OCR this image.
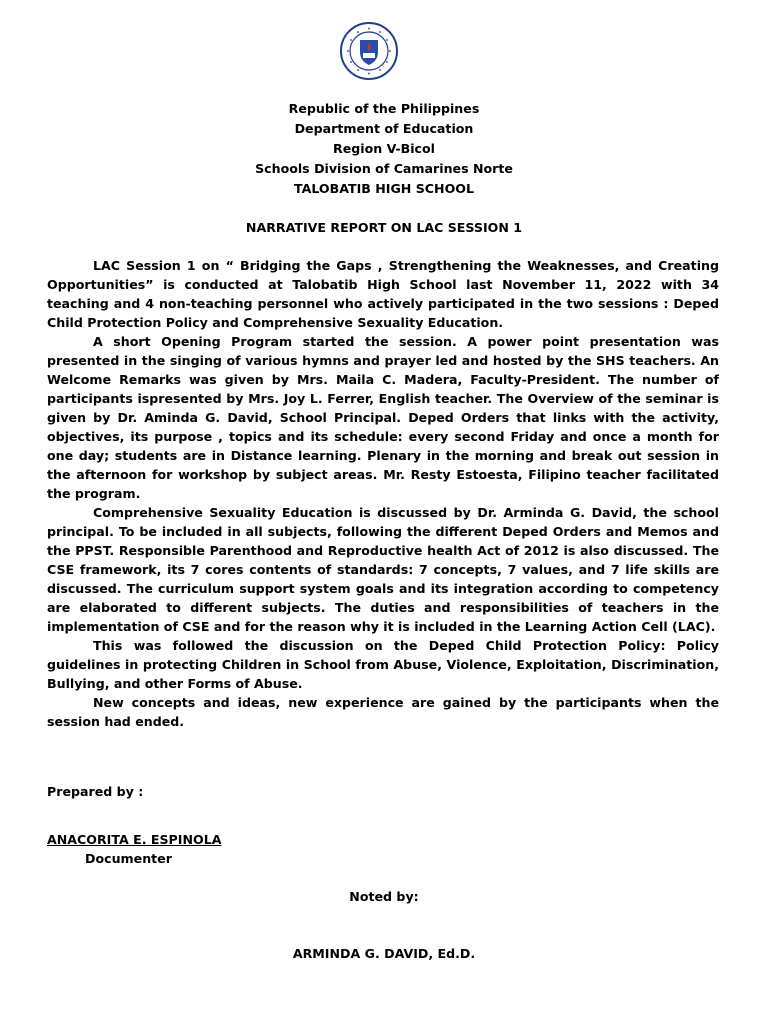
Republic of the Philippines
Department of Education
Region V-Bicol
Schools Division of Camarines Norte
TALOBATIB HIGH SCHOOL
NARRATIVE REPORT ON LAC SESSION 1

LAC Session 1 on “ Bridging the Gaps , Strengthening the Weaknesses, and Creating Opportunities” is conducted at Talobatib High School last November 11, 2022 with 34 teaching and 4 non-teaching personnel who actively participated in the two sessions : Deped Child Protection Policy and Comprehensive Sexuality Education.

A short Opening Program started the session. A power point presentation was presented in the singing of various hymns and prayer led and hosted by the SHS teachers. An Welcome Remarks was given by Mrs. Maila C. Madera, Faculty-President. The number of participants ispresented by Mrs. Joy L. Ferrer, English teacher. The Overview of the seminar is given by Dr. Aminda G. David, School Principal. Deped Orders that links with the activity, objectives, its purpose , topics and its schedule: every second Friday and once a month for one day; students are in Distance learning. Plenary in the morning and break out session in the afternoon for workshop by subject areas. Mr. Resty Estoesta, Filipino teacher facilitated the program.

Comprehensive Sexuality Education is discussed by Dr. Arminda G. David, the school principal. To be included in all subjects, following the different Deped Orders and Memos and the PPST. Responsible Parenthood and Reproductive health Act of 2012 is also discussed. The CSE framework, its 7 cores contents of standards: 7 concepts, 7 values, and 7 life skills are discussed. The curriculum support system goals and its integration according to competency are elaborated to different subjects. The duties and responsibilities of teachers in the implementation of CSE and for the reason why it is included in the Learning Action Cell (LAC).

This was followed the discussion on the Deped Child Protection Policy: Policy guidelines in protecting Children in School from Abuse, Violence, Exploitation, Discrimination, Bullying, and other Forms of Abuse.

New concepts and ideas, new experience are gained by the participants when the session had ended.

Prepared by :
ANACORITA E. ESPINOLA
Documenter
Noted by:
ARMINDA G. DAVID, Ed.D.
